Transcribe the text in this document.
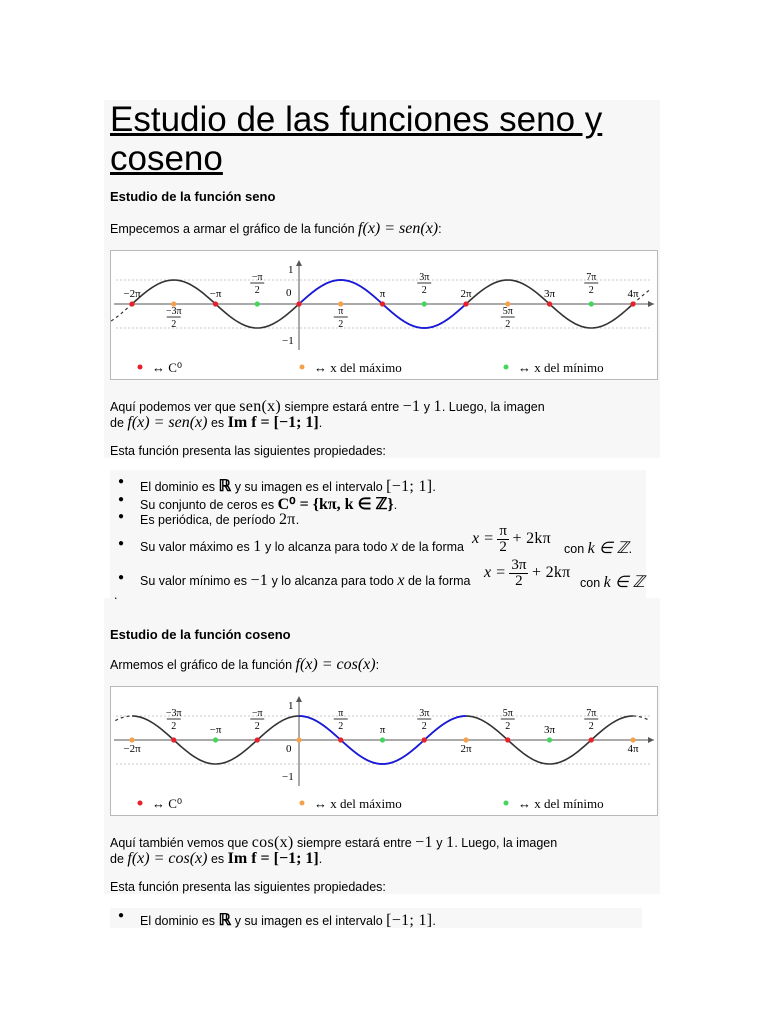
Estudio de las funciones seno y coseno
Estudio de la función seno
Empecemos a armar el gráfico de la función f(x) = sen(x):
1
−1
0
−2π	−π
−π
2	π
3π
2	2π	3π
7π
2	4π
−3π
2
π
2
5π
2
↔ C⁰	↔ x del máximo	↔ x del mínimo
Aquí podemos ver que sen(x) siempre estará entre −1 y 1. Luego, la imagen
de f(x) = sen(x) es Im f = [−1; 1].
Esta función presenta las siguientes propiedades:
● El dominio es ℝ y su imagen es el intervalo [−1; 1].
● Su conjunto de ceros es C⁰ = {kπ, k ∈ ℤ}.
● Es periódica, de período 2π.
● Su valor máximo es 1 y lo alcanza para todo x de la forma
$x = \frac{\pi}{2} + 2k\pi$
con k ∈ ℤ.
● Su valor mínimo es −1 y lo alcanza para todo x de la forma
$x = \frac{3\pi}{2} + 2k\pi$
con k ∈ ℤ
.
Estudio de la función coseno
Armemos el gráfico de la función f(x) = cos(x):
1
−1
0
−3π
2	−π
−π
2
π
2	π
3π
2
5π
2	3π
7π
2
−2π	2π	4π
↔ C⁰	↔ x del máximo	↔ x del mínimo
Aquí también vemos que cos(x) siempre estará entre −1 y 1. Luego, la imagen
de f(x) = cos(x) es Im f = [−1; 1].
Esta función presenta las siguientes propiedades:
● El dominio es ℝ y su imagen es el intervalo [−1; 1].
